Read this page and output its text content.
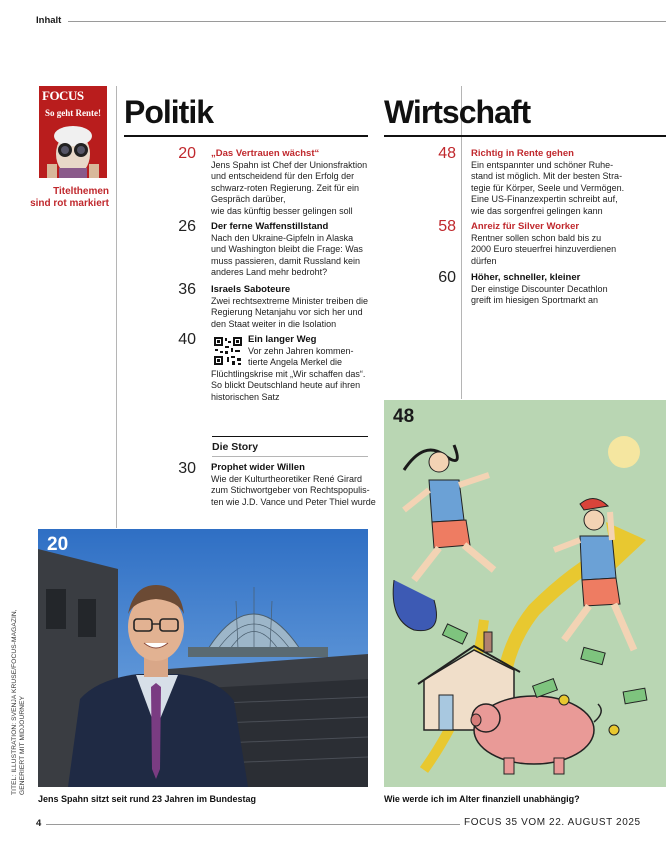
Inhalt
FOCUS
So geht Rente!
Titelthemen sind rot markiert
Politik
20 „Das Vertrauen wächst“
Jens Spahn ist Chef der Unionsfraktion
und entscheidend für den Erfolg der
schwarz-roten Regierung. Zeit für ein
Gespräch darüber,
wie das künftig besser gelingen soll
26 Der ferne Waffenstillstand
Nach den Ukraine-Gipfeln in Alaska
und Washington bleibt die Frage: Was
muss passieren, damit Russland kein
anderes Land mehr bedroht?
36 Israels Saboteure
Zwei rechtsextreme Minister treiben die
Regierung Netanjahu vor sich her und
den Staat weiter in die Isolation
40	Ein langer Weg
Vor zehn Jahren kommen-
tierte Angela Merkel die
Flüchtlingskrise mit „Wir schaffen das“.
So blickt Deutschland heute auf ihren
historischen Satz
Die Story
30 Prophet wider Willen
Wie der Kulturtheoretiker René Girard
zum Stichwortgeber von Rechtspopulis-
ten wie J.D. Vance und Peter Thiel wurde
Wirtschaft
48 Richtig in Rente gehen
Ein entspannter und schöner Ruhe-
stand ist möglich. Mit der besten Stra-
tegie für Körper, Seele und Vermögen.
Eine US-Finanzexpertin schreibt auf,
wie das sorgenfrei gelingen kann
58 Anreiz für Silver Worker
Rentner sollen schon bald bis zu
2000 Euro steuerfrei hinzuverdienen
dürfen
60 Höher, schneller, kleiner
Der einstige Discounter Decathlon
greift im hiesigen Sportmarkt an
20
Jens Spahn sitzt seit rund 23 Jahren im Bundestag
48
Wie werde ich im Alter finanziell unabhängig?
TITEL: ILLUSTRATION: SVENJA KRUSE/FOCUS-MAGAZIN, GENERIERT MIT MIDJOURNEY
4	FOCUS 35 VOM 22. AUGUST 2025
